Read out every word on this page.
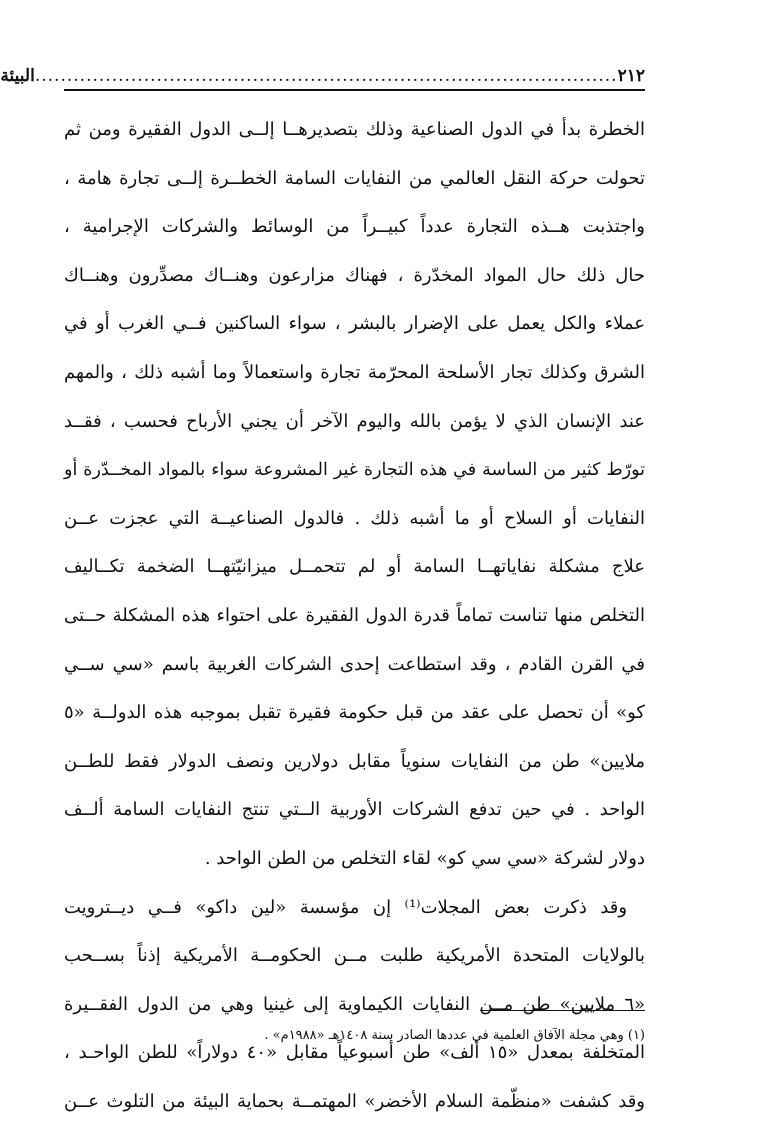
٢١٢
...........................................................................................
البيئة
الخطرة بدأ في الدول الصناعية وذلك بتصديرهــا إلــى الدول الفقيرة ومن ثم
تحولت حركة النقل العالمي من النفايات السامة الخطــرة إلــى تجارة هامة ،
واجتذبت هــذه التجارة عدداً كبيــراً من الوسائط والشركات الإجرامية ،
حال ذلك حال المواد المخدّرة ، فهناك مزارعون وهنــاك مصدِّرون وهنــاك
عملاء والكل يعمل على الإضرار بالبشر ، سواء الساكنين فــي الغرب أو في
الشرق وكذلك تجار الأسلحة المحرّمة تجارة واستعمالاً وما أشبه ذلك ، والمهم
عند الإنسان الذي لا يؤمن بالله واليوم الآخر أن يجني الأرباح فحسب ، فقــد
تورّط كثير من الساسة في هذه التجارة غير المشروعة سواء بالمواد المخــدّرة أو
النفايات أو السلاح أو ما أشبه ذلك . فالدول الصناعيــة التي عجزت عــن
علاج مشكلة نفاياتهــا السامة أو لم تتحمــل ميزانيّتهــا الضخمة تكــاليف
التخلص منها تناست تماماً قدرة الدول الفقيرة على احتواء هذه المشكلة حــتى
في القرن القادم ، وقد استطاعت إحدى الشركات الغربية باسم «سي ســي
كو» أن تحصل على عقد من قبل حكومة فقيرة تقبل بموجبه هذه الدولــة «٥
ملايين» طن من النفايات سنوياً مقابل دولارين ونصف الدولار فقط للطــن
الواحد . في حين تدفع الشركات الأوربية الــتي تنتج النفايات السامة ألــف
دولار لشركة «سي سي كو» لقاء التخلص من الطن الواحد .
وقد ذكرت بعض المجلات⁽¹⁾ إن مؤسسة «لين داكو» فــي ديــترويت
بالولايات المتحدة الأمريكية طلبت مــن الحكومــة الأمريكية إذناً بســحب
«٦ ملايين» طن مــن النفايات الكيماوية إلى غينيا وهي من الدول الفقــيرة
المتخلفة بمعدل «١٥ ألف» طن أسبوعياً مقابل «٤٠ دولاراً» للطن الواحـد ،
وقد كشفت «منظّمة السلام الأخضر» المهتمــة بحماية البيئة من التلوث عــن
(١) وهي مجلة الآفاق العلمية في عددها الصادر سنة ١٤٠٨هـ «١٩٨٨م» .
